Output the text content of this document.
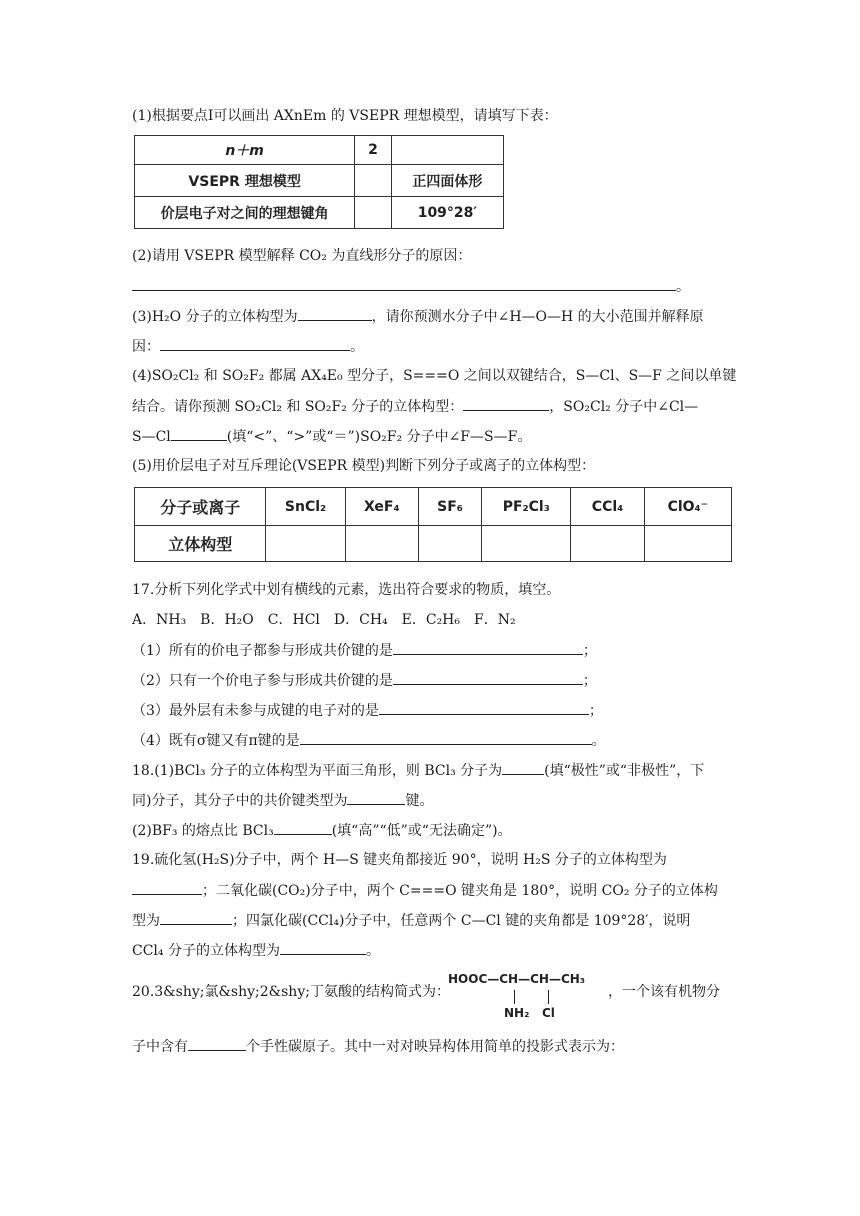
(1)根据要点Ⅰ可以画出 AXnEm 的 VSEPR 理想模型，请填写下表：
n＋m	2	
VSEPR 理想模型		正四面体形
价层电子对之间的理想键角		109°28′
(2)请用 VSEPR 模型解释 CO₂ 为直线形分子的原因：
。
(3)H₂O 分子的立体构型为	，请你预测水分子中∠H—O—H 的大小范围并解释原
因：	。
(4)SO₂Cl₂ 和 SO₂F₂ 都属 AX₄E₀ 型分子，S===O 之间以双键结合，S—Cl、S—F 之间以单键
结合。请你预测 SO₂Cl₂ 和 SO₂F₂ 分子的立体构型：	，SO₂Cl₂ 分子中∠Cl—
S—Cl	(填“<”、“>”或“＝”)SO₂F₂ 分子中∠F—S—F。
(5)用价层电子对互斥理论(VSEPR 模型)判断下列分子或离子的立体构型：
分子或离子	SnCl₂	XeF₄	SF₆	PF₂Cl₃	CCl₄	ClO₄⁻
立体构型						
17.分析下列化学式中划有横线的元素，选出符合要求的物质，填空。
A．NH₃　B．H₂O　C．HCl　D．CH₄　E．C₂H₆　F．N₂
（1）所有的价电子都参与形成共价键的是	；
（2）只有一个价电子参与形成共价键的是	；
（3）最外层有未参与成键的电子对的是	；
（4）既有σ键又有π键的是	。
18.(1)BCl₃ 分子的立体构型为平面三角形，则 BCl₃ 分子为	(填“极性”或“非极性”，下
同)分子，其分子中的共价键类型为	键。
(2)BF₃ 的熔点比 BCl₃	(填“高”“低”或“无法确定”)。
19.硫化氢(H₂S)分子中，两个 H—S 键夹角都接近 90°，说明 H₂S 分子的立体构型为
；二氧化碳(CO₂)分子中，两个 C===O 键夹角是 180°，说明 CO₂ 分子的立体构
型为	；四氯化碳(CCl₄)分子中，任意两个 C—Cl 键的夹角都是 109°28′，说明
CCl₄ 分子的立体构型为	。
20.3&shy;氯&shy;2&shy;丁氨酸的结构简式为：
HOOC—CH—CH—CH₃
NH₂ Cl
，一个该有机物分
子中含有	个手性碳原子。其中一对对映异构体用简单的投影式表示为：
